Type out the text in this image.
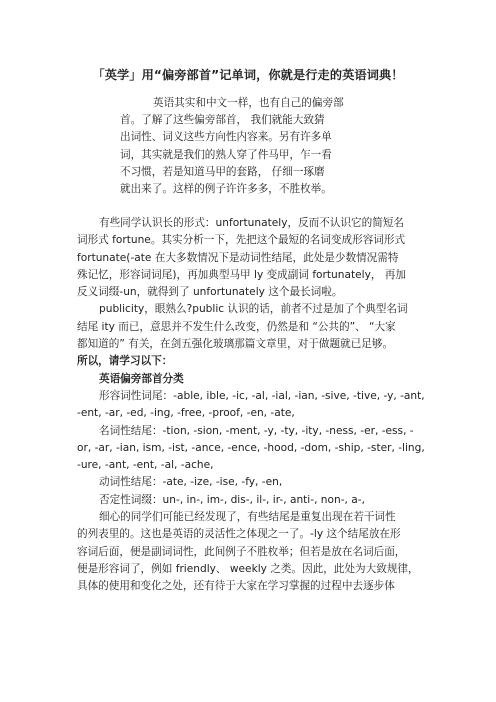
「英学」用“偏旁部首”记单词，你就是行走的英语词典！
英语其实和中文一样，也有自己的偏旁部
首。了解了这些偏旁部首， 我们就能大致猜
出词性、词义这些方向性内容来。另有许多单
词，其实就是我们的熟人穿了件马甲，乍一看
不习惯，若是知道马甲的套路， 仔细一琢磨
就出来了。这样的例子许许多多，不胜枚举。
有些同学认识长的形式：unfortunately，反而不认识它的简短名
词形式 fortune。其实分析一下，先把这个最短的名词变成形容词形式
fortunate(-ate 在大多数情况下是动词性结尾，此处是少数情况需特
殊记忆，形容词词尾)，再加典型马甲 ly 变成副词 fortunately， 再加
反义词缀-un，就得到了 unfortunately 这个最长词啦。
publicity，眼熟么?public 认识的话，前者不过是加了个典型名词
结尾 ity 而已，意思并不发生什么改变，仍然是和 “公共的”、 “大家
都知道的” 有关，在剑五强化玻璃那篇文章里，对于做题就已足够。
所以，请学习以下：
英语偏旁部首分类
形容词性词尾：-able, ible, -ic, -al, -ial, -ian, -sive, -tive, -y, -ant,
-ent, -ar, -ed, -ing, -free, -proof, -en, -ate,
名词性结尾：-tion, -sion, -ment, -y, -ty, -ity, -ness, -er, -ess, -
or, -ar, -ian, ism, -ist, -ance, -ence, -hood, -dom, -ship, -ster, -ling,
-ure, -ant, -ent, -al, -ache,
动词性结尾：-ate, -ize, -ise, -fy, -en,
否定性词缀：un-, in-, im-, dis-, il-, ir-, anti-, non-, a-,
细心的同学们可能已经发现了，有些结尾是重复出现在若干词性
的列表里的。这也是英语的灵活性之体现之一了。-ly 这个结尾放在形
容词后面，便是副词词性，此间例子不胜枚举；但若是放在名词后面，
便是形容词了，例如 friendly、 weekly 之类。因此，此处为大致规律，
具体的使用和变化之处，还有待于大家在学习掌握的过程中去逐步体
